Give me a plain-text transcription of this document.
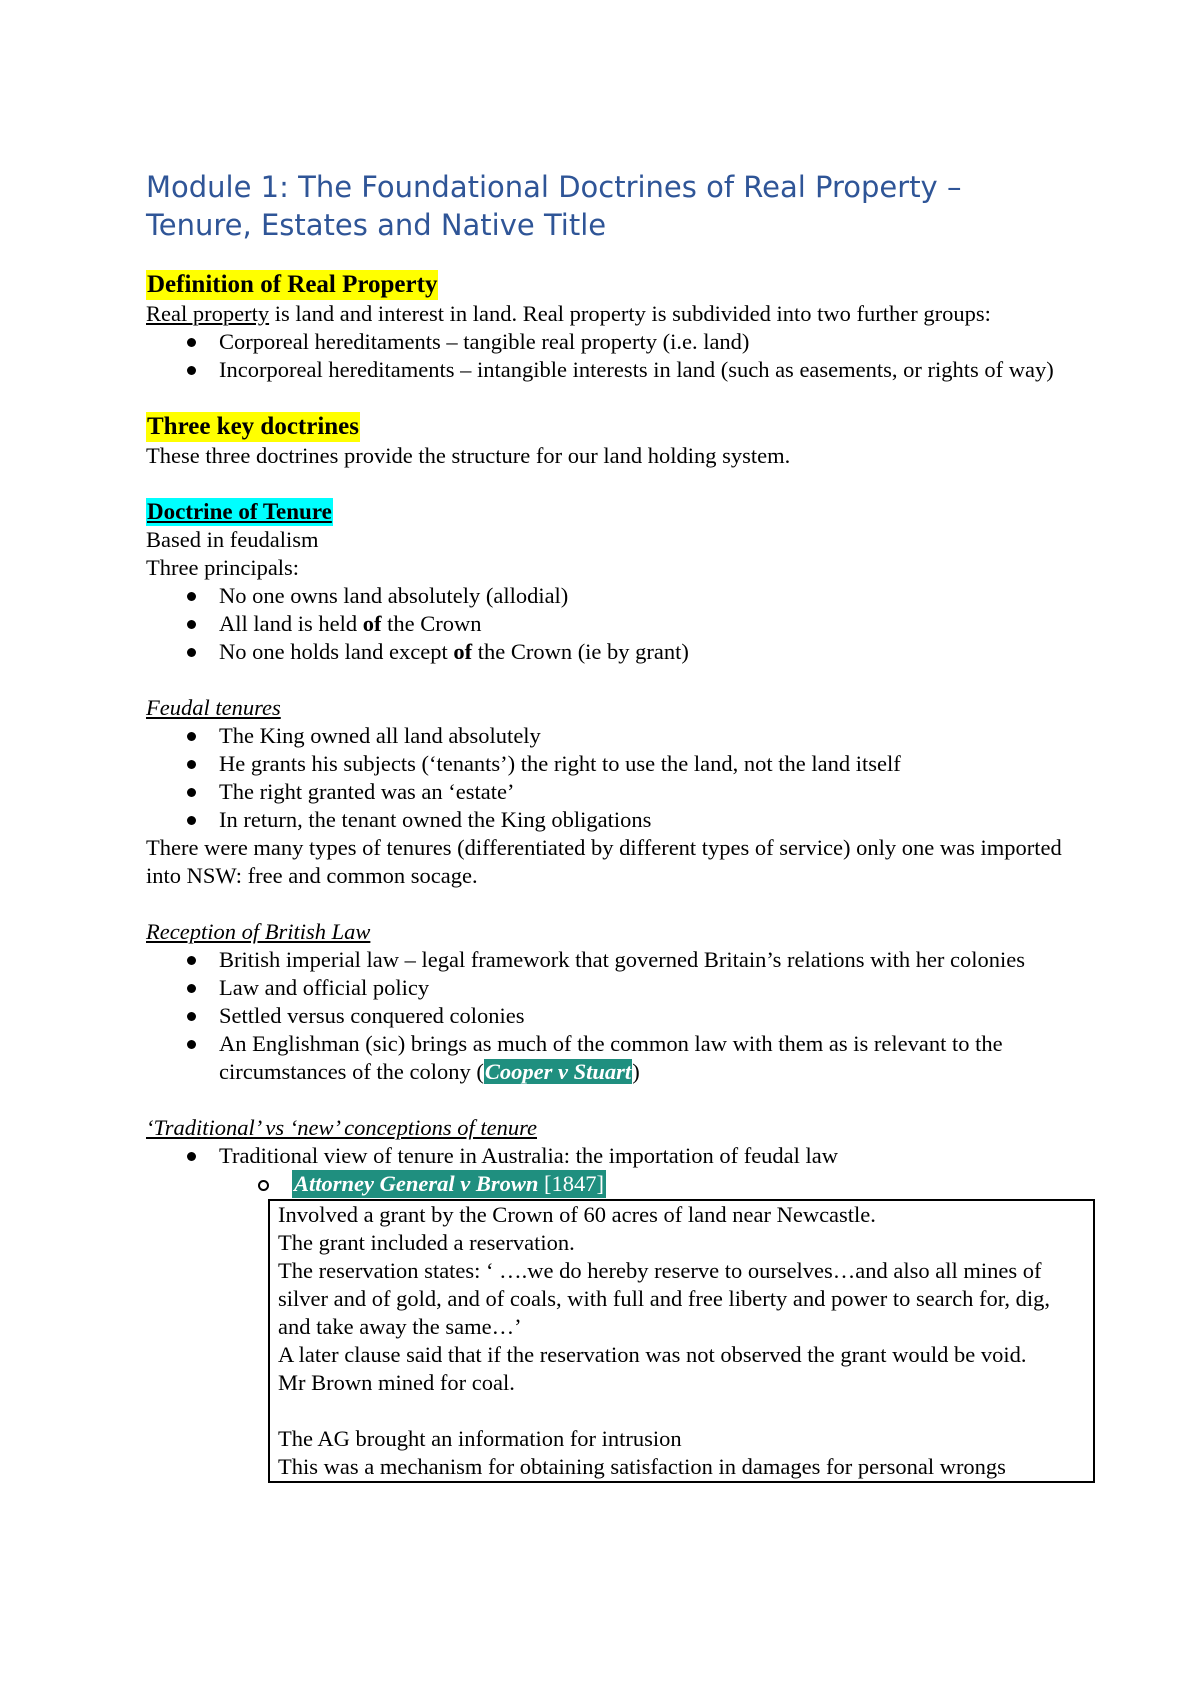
Module 1: The Foundational Doctrines of Real Property – Tenure, Estates and Native Title
Definition of Real Property

Real property is land and interest in land. Real property is subdivided into two further groups:

Corporeal hereditaments – tangible real property (i.e. land)
Incorporeal hereditaments – intangible interests in land (such as easements, or rights of way)
Three key doctrines

These three doctrines provide the structure for our land holding system.

Doctrine of Tenure

Based in feudalism

Three principals:

No one owns land absolutely (allodial)
All land is held of the Crown
No one holds land except of the Crown (ie by grant)

Feudal tenures

The King owned all land absolutely
He grants his subjects (‘tenants’) the right to use the land, not the land itself
The right granted was an ‘estate’
In return, the tenant owned the King obligations

There were many types of tenures (differentiated by different types of service) only one was imported into NSW: free and common socage.

Reception of British Law

British imperial law – legal framework that governed Britain’s relations with her colonies
Law and official policy
Settled versus conquered colonies
An Englishman (sic) brings as much of the common law with them as is relevant to the circumstances of the colony (Cooper v Stuart)

‘Traditional’ vs ‘new’ conceptions of tenure

Traditional view of tenure in Australia: the importation of feudal law
Attorney General v Brown [1847]
Involved a grant by the Crown of 60 acres of land near Newcastle.
The grant included a reservation.
The reservation states: ‘ ….we do hereby reserve to ourselves…and also all mines of silver and of gold, and of coals, with full and free liberty and power to search for, dig, and take away the same…’
A later clause said that if the reservation was not observed the grant would be void.
Mr Brown mined for coal.
The AG brought an information for intrusion
This was a mechanism for obtaining satisfaction in damages for personal wrongs
